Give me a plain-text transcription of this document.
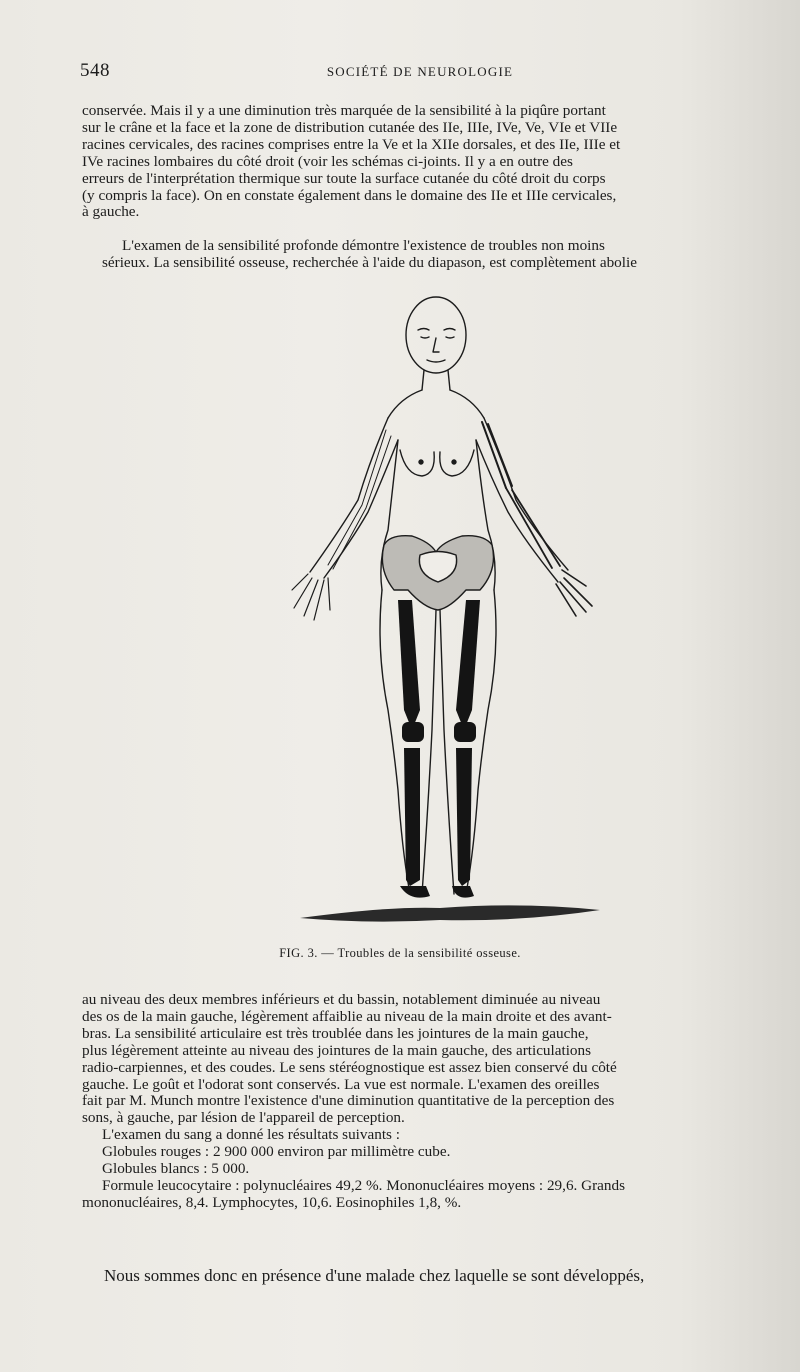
548	SOCIÉTÉ DE NEUROLOGIE
conservée. Mais il y a une diminution très marquée de la sensibilité à la piqûre portant
sur le crâne et la face et la zone de distribution cutanée des IIe, IIIe, IVe, Ve, VIe et VIIe
racines cervicales, des racines comprises entre la Ve et la XIIe dorsales, et des IIe, IIIe et
IVe racines lombaires du côté droit (voir les schémas ci-joints. Il y a en outre des
erreurs de l'interprétation thermique sur toute la surface cutanée du côté droit du corps
(y compris la face). On en constate également dans le domaine des IIe et IIIe cervicales,
à gauche.
L'examen de la sensibilité profonde démontre l'existence de troubles non moins
sérieux. La sensibilité osseuse, recherchée à l'aide du diapason, est complètement abolie
FIG. 3. — Troubles de la sensibilité osseuse.
au niveau des deux membres inférieurs et du bassin, notablement diminuée au niveau
des os de la main gauche, légèrement affaiblie au niveau de la main droite et des avant-
bras. La sensibilité articulaire est très troublée dans les jointures de la main gauche,
plus légèrement atteinte au niveau des jointures de la main gauche, des articulations
radio-carpiennes, et des coudes. Le sens stéréognostique est assez bien conservé du côté
gauche. Le goût et l'odorat sont conservés. La vue est normale. L'examen des oreilles
fait par M. Munch montre l'existence d'une diminution quantitative de la perception des
sons, à gauche, par lésion de l'appareil de perception.
L'examen du sang a donné les résultats suivants :
Globules rouges : 2 900 000 environ par millimètre cube.
Globules blancs : 5 000.
Formule leucocytaire : polynucléaires 49,2 %. Mononucléaires moyens : 29,6. Grands
mononucléaires, 8,4. Lymphocytes, 10,6. Eosinophiles 1,8, %.
Nous sommes donc en présence d'une malade chez laquelle se sont développés,
